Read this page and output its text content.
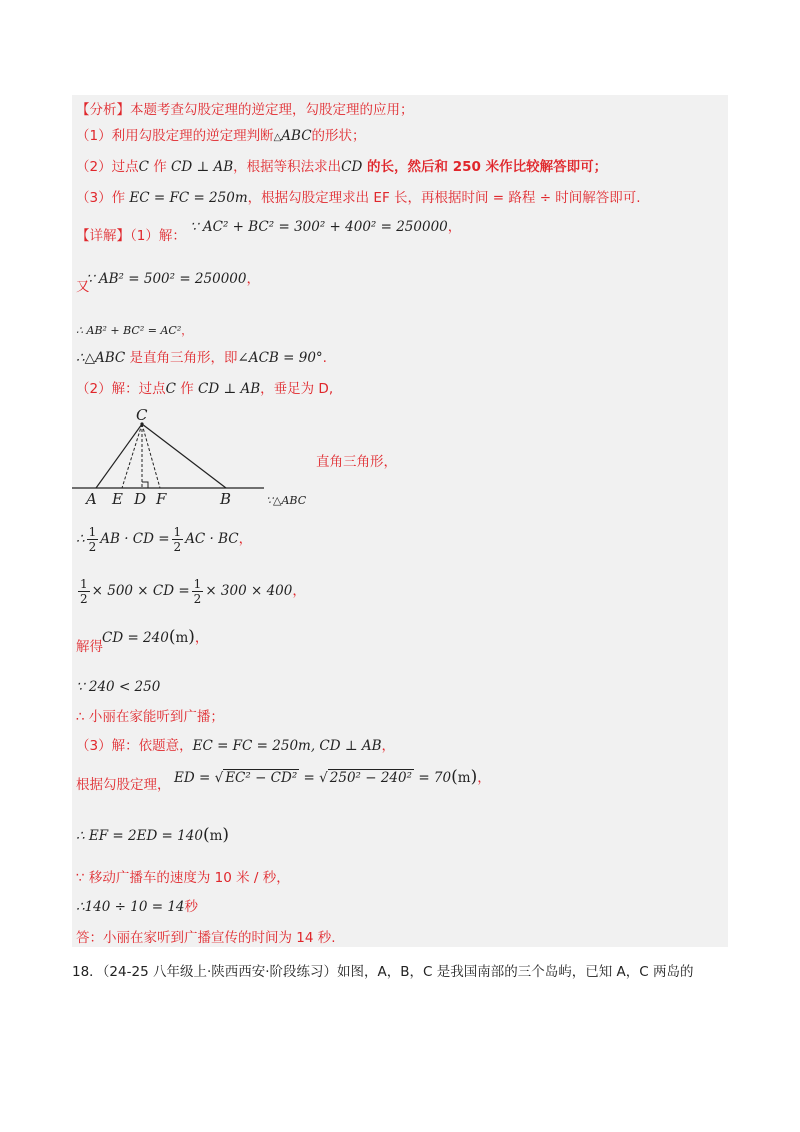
【分析】本题考查勾股定理的逆定理，勾股定理的应用；
（1）利用勾股定理的逆定理判断△ABC的形状；
（2）过点C 作 CD ⊥ AB，根据等积法求出CD 的长，然后和 250 米作比较解答即可；
（3）作 EC = FC = 250m，根据勾股定理求出 EF 长，再根据时间 = 路程 ÷ 时间解答即可.
【详解】（1）解：
∵ AC² + BC² = 300² + 400² = 250000，
又
∵ AB² = 500² = 250000，
∴ AB² + BC² = AC²，
∴△ABC 是直角三角形，即∠ACB = 90°.
（2）解：过点C 作 CD ⊥ AB，垂足为 D,
C
A E D F	B
直角三角形，
∵△ABC
∴ $\frac{1}{2}$ AB · CD = $\frac{1}{2}$ AC · BC，
$\frac{1}{2} \times 500$ × CD = $\frac{1}{2} \times 300 \times 400$，
解得
CD = 240(m)，
∵ 240 < 250
∴ 小丽在家能听到广播；
（3）解：依题意，EC = FC = 250m, CD ⊥ AB，
根据勾股定理， ED = √ EC² − CD² = √ 250² − 240² = 70(m)，
∴ EF = 2ED = 140(m)
∵ 移动广播车的速度为 10 米 / 秒，
∴140 ÷ 10 = 14秒
答：小丽在家听到广播宣传的时间为 14 秒.
18．（24-25 八年级上·陕西西安·阶段练习）如图，A，B，C 是我国南部的三个岛屿，已知 A，C 两岛的
